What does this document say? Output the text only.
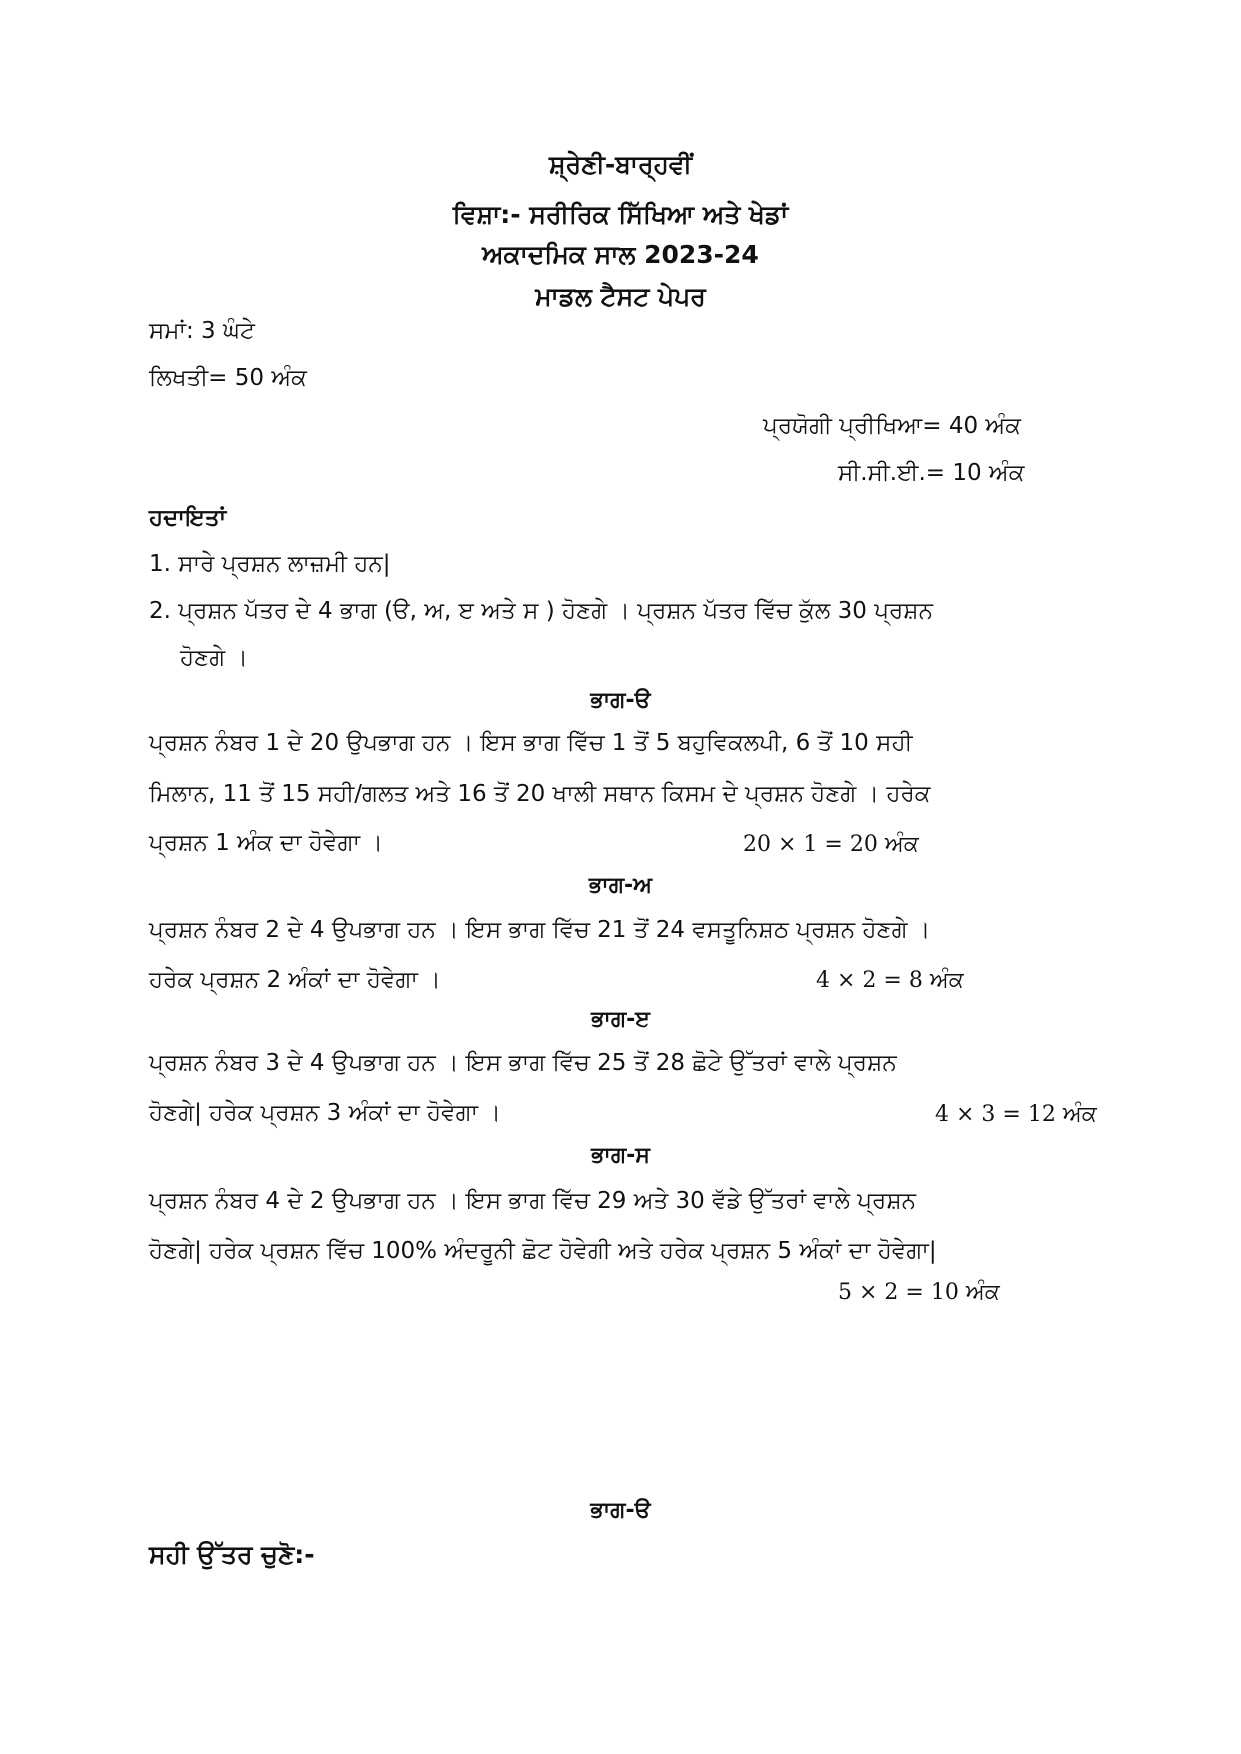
ਸ਼੍ਰੇਣੀ-ਬਾਰ੍ਹਵੀਂ
ਵਿਸ਼ਾ:- ਸਰੀਰਿਕ ਸਿੱਖਿਆ ਅਤੇ ਖੇਡਾਂ
ਅਕਾਦਮਿਕ ਸਾਲ 2023-24
ਮਾਡਲ ਟੈਸਟ ਪੇਪਰ
ਸਮਾਂ: 3 ਘੰਟੇ
ਲਿਖਤੀ= 50 ਅੰਕ
ਪ੍ਰਯੋਗੀ ਪ੍ਰੀਖਿਆ= 40 ਅੰਕ
ਸੀ.ਸੀ.ਈ.= 10 ਅੰਕ
ਹਦਾਇਤਾਂ
1. ਸਾਰੇ ਪ੍ਰਸ਼ਨ ਲਾਜ਼ਮੀ ਹਨ|
2. ਪ੍ਰਸ਼ਨ ਪੱਤਰ ਦੇ 4 ਭਾਗ (ੳ, ਅ, ੲ ਅਤੇ ਸ ) ਹੋਣਗੇ । ਪ੍ਰਸ਼ਨ ਪੱਤਰ ਵਿੱਚ ਕੁੱਲ 30 ਪ੍ਰਸ਼ਨ
ਹੋਣਗੇ ।
ਭਾਗ-ੳ
ਪ੍ਰਸ਼ਨ ਨੰਬਰ 1 ਦੇ 20 ਉਪਭਾਗ ਹਨ । ਇਸ ਭਾਗ ਵਿੱਚ 1 ਤੋਂ 5 ਬਹੁਵਿਕਲਪੀ, 6 ਤੋਂ 10 ਸਹੀ
ਮਿਲਾਨ, 11 ਤੋਂ 15 ਸਹੀ/ਗਲਤ ਅਤੇ 16 ਤੋਂ 20 ਖਾਲੀ ਸਥਾਨ ਕਿਸਮ ਦੇ ਪ੍ਰਸ਼ਨ ਹੋਣਗੇ । ਹਰੇਕ
ਪ੍ਰਸ਼ਨ 1 ਅੰਕ ਦਾ ਹੋਵੇਗਾ ।	20 × 1 = 20 ਅੰਕ
ਭਾਗ-ਅ
ਪ੍ਰਸ਼ਨ ਨੰਬਰ 2 ਦੇ 4 ਉਪਭਾਗ ਹਨ । ਇਸ ਭਾਗ ਵਿੱਚ 21 ਤੋਂ 24 ਵਸਤੂਨਿਸ਼ਠ ਪ੍ਰਸ਼ਨ ਹੋਣਗੇ ।
ਹਰੇਕ ਪ੍ਰਸ਼ਨ 2 ਅੰਕਾਂ ਦਾ ਹੋਵੇਗਾ ।	4 × 2 = 8 ਅੰਕ
ਭਾਗ-ੲ
ਪ੍ਰਸ਼ਨ ਨੰਬਰ 3 ਦੇ 4 ਉਪਭਾਗ ਹਨ । ਇਸ ਭਾਗ ਵਿੱਚ 25 ਤੋਂ 28 ਛੋਟੇ ਉੱਤਰਾਂ ਵਾਲੇ ਪ੍ਰਸ਼ਨ
ਹੋਣਗੇ| ਹਰੇਕ ਪ੍ਰਸ਼ਨ 3 ਅੰਕਾਂ ਦਾ ਹੋਵੇਗਾ ।	4 × 3 = 12 ਅੰਕ
ਭਾਗ-ਸ
ਪ੍ਰਸ਼ਨ ਨੰਬਰ 4 ਦੇ 2 ਉਪਭਾਗ ਹਨ । ਇਸ ਭਾਗ ਵਿੱਚ 29 ਅਤੇ 30 ਵੱਡੇ ਉੱਤਰਾਂ ਵਾਲੇ ਪ੍ਰਸ਼ਨ
ਹੋਣਗੇ| ਹਰੇਕ ਪ੍ਰਸ਼ਨ ਵਿੱਚ 100% ਅੰਦਰੂਨੀ ਛੋਟ ਹੋਵੇਗੀ ਅਤੇ ਹਰੇਕ ਪ੍ਰਸ਼ਨ 5 ਅੰਕਾਂ ਦਾ ਹੋਵੇਗਾ|
5 × 2 = 10 ਅੰਕ
ਭਾਗ-ੳ
ਸਹੀ ਉੱਤਰ ਚੁਣੋ:-
